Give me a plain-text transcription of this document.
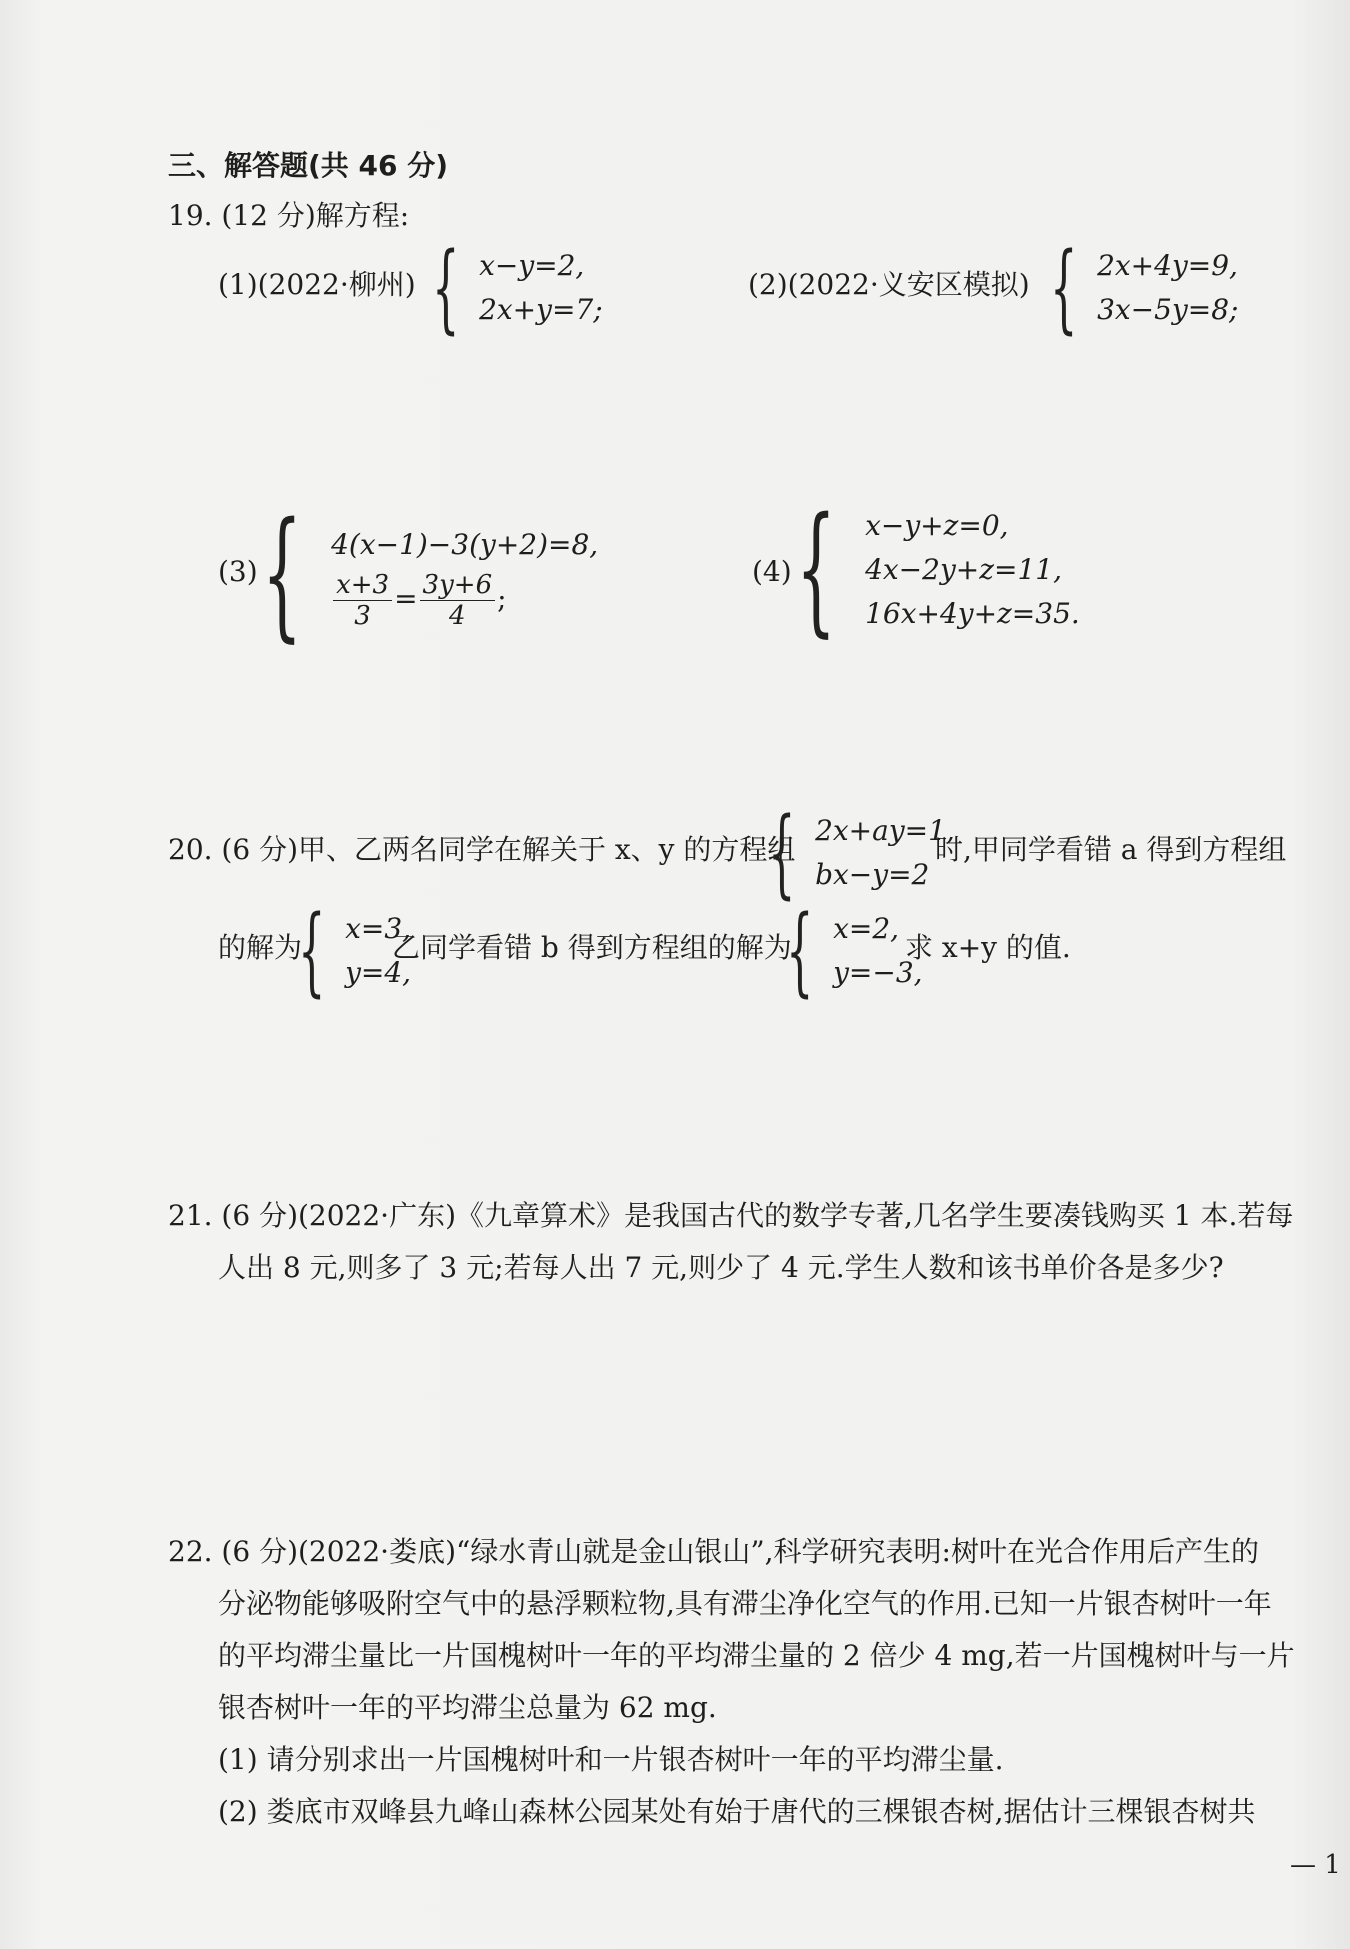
三、解答题(共 46 分)
19. (12 分)解方程:
(1)(2022·柳州) { x−y=2,
2x+y=7;
(2)(2022·义安区模拟) { 2x+4y=9,
3x−5y=8;
(3) { 4(x−1)−3(y+2)=8,
$\frac{x+3}{3} = \frac{3y+6}{4}$ ;
(4) { x−y+z=0,
4x−2y+z=11,
16x+4y+z=35.
20. (6 分)甲、乙两名同学在解关于 x、y 的方程组
{ 2x+ay=1,
bx−y=2
时,甲同学看错 a 得到方程组
的解为
{ x=3,
y=4,
乙同学看错 b 得到方程组的解为
{ x=2,
y=−3,
求 x+y 的值.
21. (6 分)(2022·广东)《九章算术》是我国古代的数学专著,几名学生要凑钱购买 1 本.若每
人出 8 元,则多了 3 元;若每人出 7 元,则少了 4 元.学生人数和该书单价各是多少?
22. (6 分)(2022·娄底)“绿水青山就是金山银山”,科学研究表明:树叶在光合作用后产生的
分泌物能够吸附空气中的悬浮颗粒物,具有滞尘净化空气的作用.已知一片银杏树叶一年
的平均滞尘量比一片国槐树叶一年的平均滞尘量的 2 倍少 4 mg,若一片国槐树叶与一片
银杏树叶一年的平均滞尘总量为 62 mg.
(1) 请分别求出一片国槐树叶和一片银杏树叶一年的平均滞尘量.
(2) 娄底市双峰县九峰山森林公园某处有始于唐代的三棵银杏树,据估计三棵银杏树共
— 1
